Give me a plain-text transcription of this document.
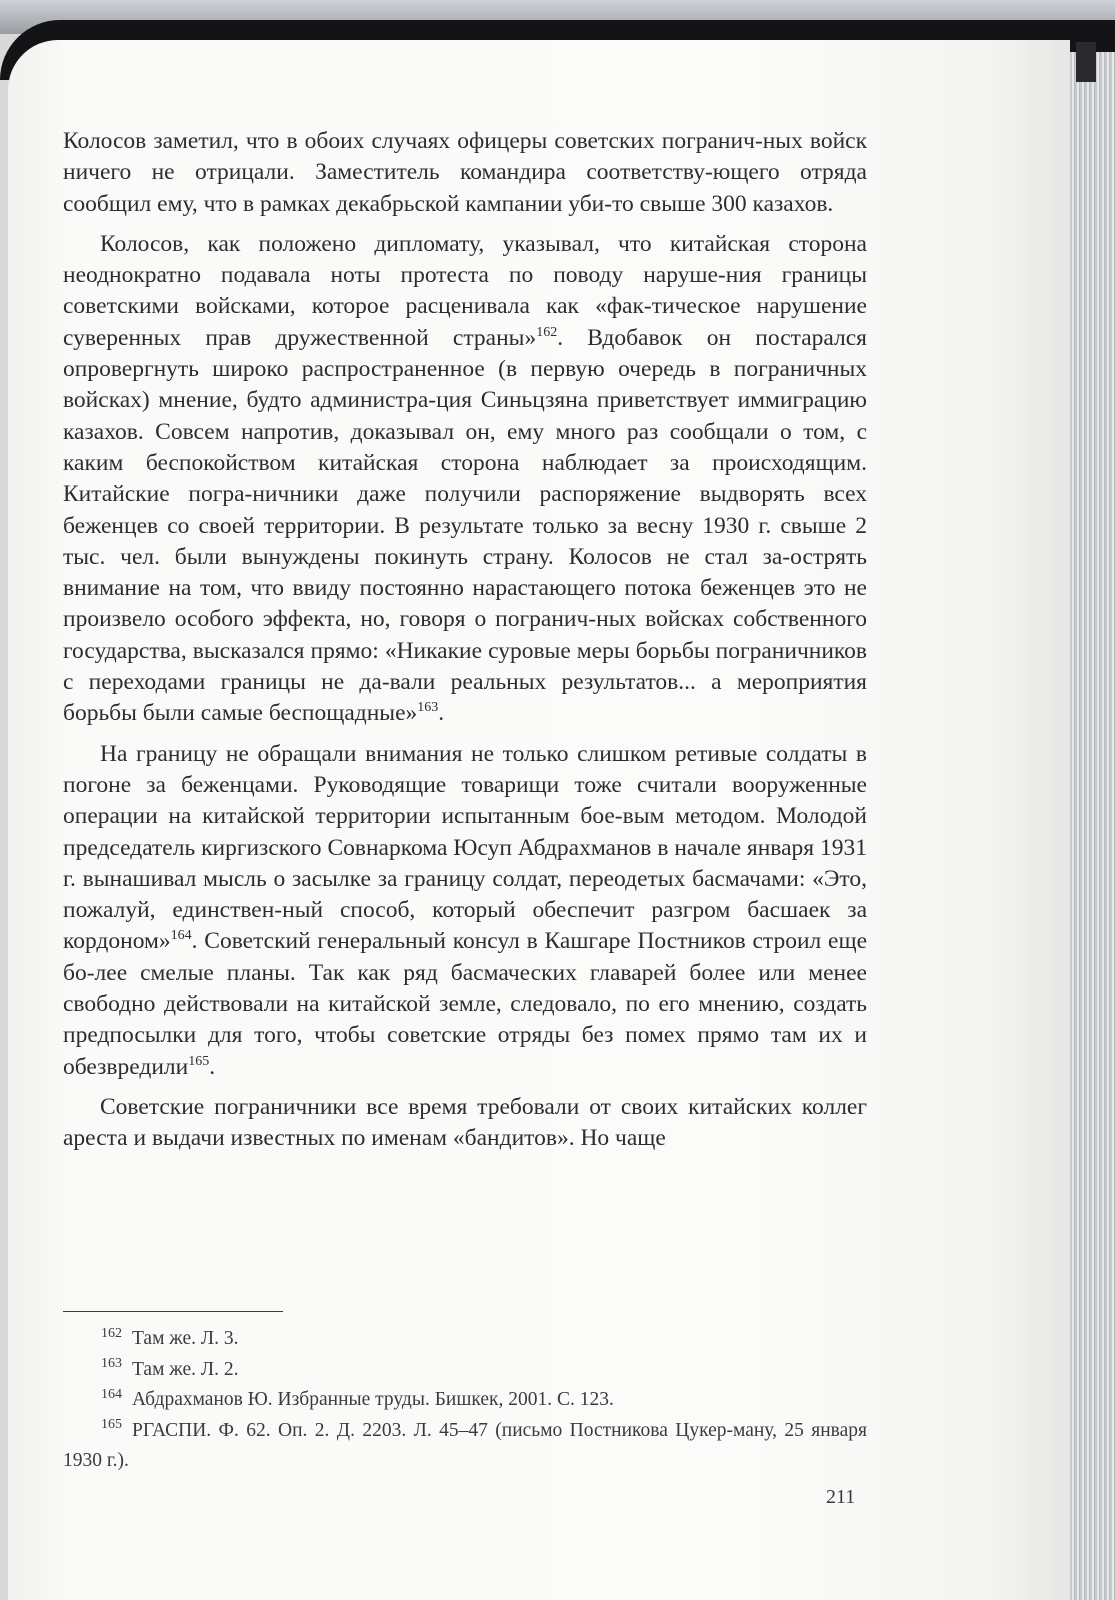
Колосов заметил, что в обоих случаях офицеры советских погранич-ных войск ничего не отрицали. Заместитель командира соответству-ющего отряда сообщил ему, что в рамках декабрьской кампании уби-то свыше 300 казахов.

Колосов, как положено дипломату, указывал, что китайская сторона неоднократно подавала ноты протеста по поводу наруше-ния границы советскими войсками, которое расценивала как «фак-тическое нарушение суверенных прав дружественной страны»$^{162}$. Вдобавок он постарался опровергнуть широко распространенное (в первую очередь в пограничных войсках) мнение, будто администра-ция Синьцзяна приветствует иммиграцию казахов. Совсем напротив, доказывал он, ему много раз сообщали о том, с каким беспокойством китайская сторона наблюдает за происходящим. Китайские погра-ничники даже получили распоряжение выдворять всех беженцев со своей территории. В результате только за весну 1930 г. свыше 2 тыс. чел. были вынуждены покинуть страну. Колосов не стал за-острять внимание на том, что ввиду постоянно нарастающего потока беженцев это не произвело особого эффекта, но, говоря о погранич-ных войсках собственного государства, высказался прямо: «Никакие суровые меры борьбы пограничников с переходами границы не да-вали реальных результатов... а мероприятия борьбы были самые беспощадные»$^{163}$.

На границу не обращали внимания не только слишком ретивые солдаты в погоне за беженцами. Руководящие товарищи тоже считали вооруженные операции на китайской территории испытанным бое-вым методом. Молодой председатель киргизского Совнаркома Юсуп Абдрахманов в начале января 1931 г. вынашивал мысль о засылке за границу солдат, переодетых басмачами: «Это, пожалуй, единствен-ный способ, который обеспечит разгром басшаек за кордоном»$^{164}$. Советский генеральный консул в Кашгаре Постников строил еще бо-лее смелые планы. Так как ряд басмаческих главарей более или менее свободно действовали на китайской земле, следовало, по его мнению, создать предпосылки для того, чтобы советские отряды без помех прямо там их и обезвредили$^{165}$.

Советские пограничники все время требовали от своих китайских коллег ареста и выдачи известных по именам «бандитов». Но чаще

$^{162}$ Там же. Л. 3.

$^{163}$ Там же. Л. 2.

$^{164}$ Абдрахманов Ю. Избранные труды. Бишкек, 2001. С. 123.

$^{165}$ РГАСПИ. Ф. 62. Оп. 2. Д. 2203. Л. 45–47 (письмо Постникова Цукер-ману, 25 января 1930 г.).

211
